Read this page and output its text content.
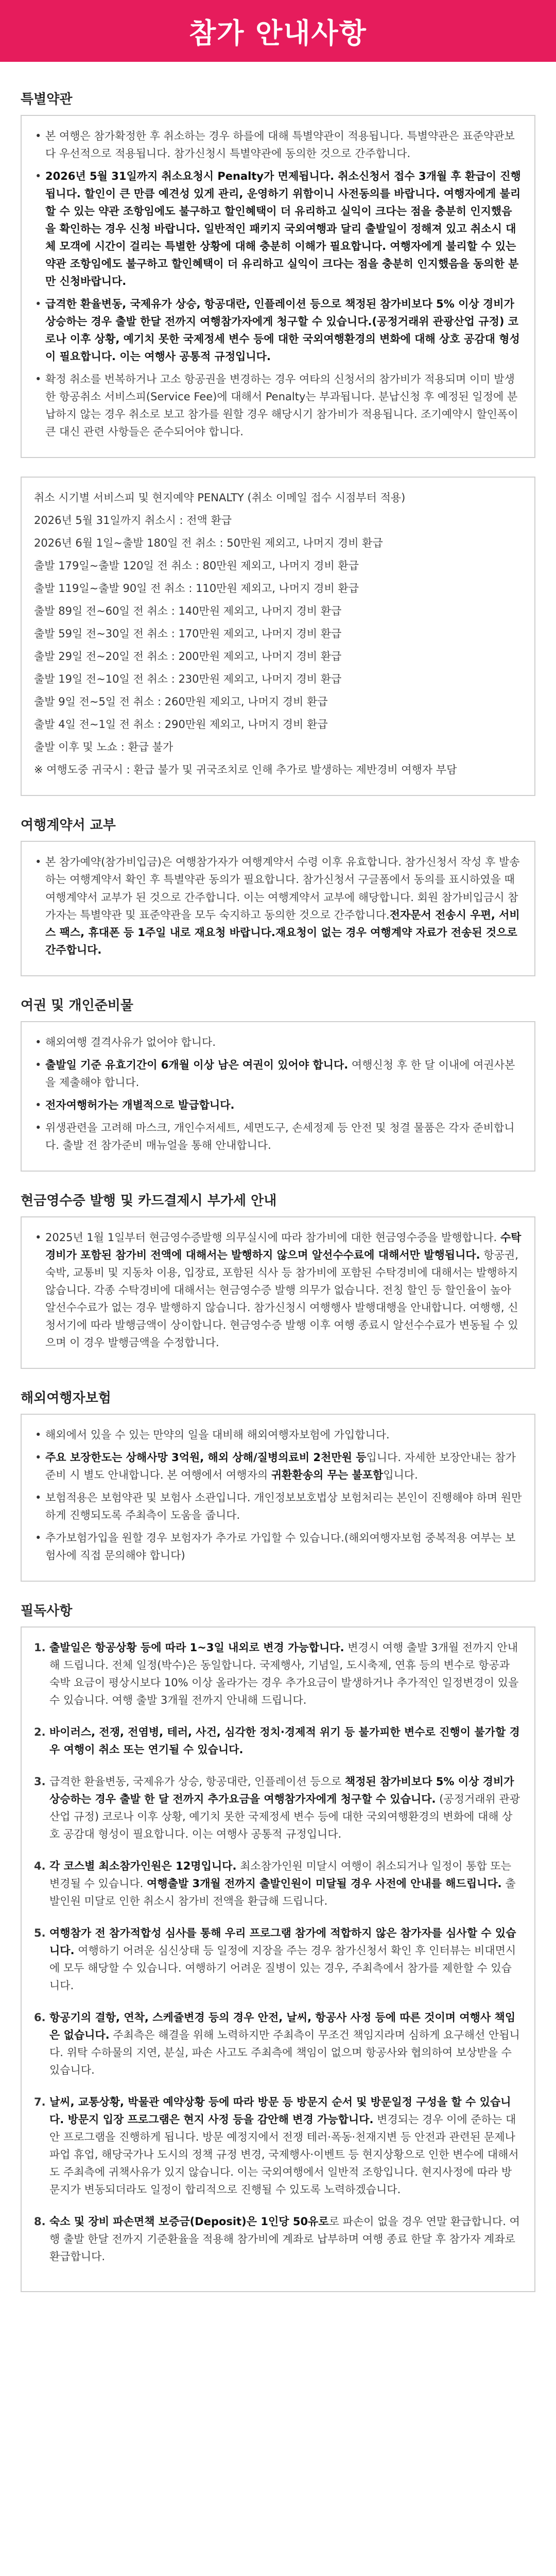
참가 안내사항
특별약관
• 본 여행은 참가확정한 후 취소하는 경우 하를에 대해 특별약관이 적용됩니다. 특별약관은 표준약관보다 우선적으로 적용됩니다. 참가신청시 특별약관에 동의한 것으로 간주합니다.
• 2026년 5월 31일까지 취소요청시 Penalty가 면제됩니다. 취소신청서 접수 3개월 후 환급이 진행됩니다. 할인이 큰 만큼 예견성 있게 관리, 운영하기 위함이니 사전동의를 바랍니다. 여행자에게 불리할 수 있는 약관 조항임에도 불구하고 할인혜택이 더 유리하고 실익이 크다는 점을 충분히 인지했음을 확인하는 경우 신청 바랍니다. 일반적인 패키지 국외여행과 달리 출발일이 정해져 있고 취소시 대체 모객에 시간이 걸리는 특별한 상황에 대해 충분히 이해가 필요합니다. 여행자에게 불리할 수 있는 약관 조항임에도 불구하고 할인혜택이 더 유리하고 실익이 크다는 점을 충분히 인지했음을 동의한 분만 신청바랍니다.
• 급격한 환율변동, 국제유가 상승, 항공대란, 인플레이션 등으로 책정된 참가비보다 5% 이상 경비가 상승하는 경우 출발 한달 전까지 여행참가자에게 청구할 수 있습니다.(공정거래위 관광산업 규정) 코로나 이후 상황, 예기치 못한 국제정세 변수 등에 대한 국외여행환경의 변화에 대해 상호 공감대 형성이 필요합니다. 이는 여행사 공통적 규정입니다.
• 확정 취소를 번복하거나 고소 항공권을 변경하는 경우 여타의 신청서의 참가비가 적용되며 이미 발생한 항공취소 서비스피(Service Fee)에 대해서 Penalty는 부과됩니다. 분납신청 후 예정된 일정에 분납하지 않는 경우 취소로 보고 참가를 원할 경우 해당시기 참가비가 적용됩니다. 조기예약시 할인폭이 큰 대신 관련 사항들은 준수되어야 합니다.

취소 시기별 서비스피 및 현지예약 PENALTY (취소 이메일 접수 시점부터 적용)

2026년 5월 31일까지 취소시 : 전액 환급

2026년 6월 1일~출발 180일 전 취소 : 50만원 제외고, 나머지 경비 환급

출발 179일~출발 120일 전 취소 : 80만원 제외고, 나머지 경비 환급

출발 119일~출발 90일 전 취소 : 110만원 제외고, 나머지 경비 환급

출발 89일 전~60일 전 취소 : 140만원 제외고, 나머지 경비 환급

출발 59일 전~30일 전 취소 : 170만원 제외고, 나머지 경비 환급

출발 29일 전~20일 전 취소 : 200만원 제외고, 나머지 경비 환급

출발 19일 전~10일 전 취소 : 230만원 제외고, 나머지 경비 환급

출발 9일 전~5일 전 취소 : 260만원 제외고, 나머지 경비 환급

출발 4일 전~1일 전 취소 : 290만원 제외고, 나머지 경비 환급

출발 이후 및 노쇼 : 환급 불가

※ 여행도중 귀국시 : 환급 불가 및 귀국조치로 인해 추가로 발생하는 제반경비 여행자 부담

여행계약서 교부
• 본 참가예약(참가비입금)은 여행참가자가 여행계약서 수령 이후 유효합니다. 참가신청서 작성 후 발송하는 여행계약서 확인 후 특별약관 동의가 필요합니다. 참가신청서 구글폼에서 동의를 표시하였을 때 여행계약서 교부가 된 것으로 간주합니다. 이는 여행계약서 교부에 해당합니다. 회원 참가비입금시 참가자는 특별약관 및 표준약관을 모두 숙지하고 동의한 것으로 간주합니다.전자문서 전송시 우편, 서비스 팩스, 휴대폰 등 1주일 내로 재요청 바랍니다.재요청이 없는 경우 여행계약 자료가 전송된 것으로 간주합니다.
여권 및 개인준비물
• 해외여행 결격사유가 없어야 합니다.
• 출발일 기준 유효기간이 6개월 이상 남은 여권이 있어야 합니다. 여행신청 후 한 달 이내에 여권사본을 제출해야 합니다.
• 전자여행허가는 개별적으로 발급합니다.
• 위생관련을 고려해 마스크, 개인수저세트, 세면도구, 손세정제 등 안전 및 청결 물품은 각자 준비합니다. 출발 전 참가준비 매뉴얼을 통해 안내합니다.
현금영수증 발행 및 카드결제시 부가세 안내
• 2025년 1월 1일부터 현금영수증발행 의무실시에 따라 참가비에 대한 현금영수증을 발행합니다. 수탁경비가 포함된 참가비 전액에 대해서는 발행하지 않으며 알선수수료에 대해서만 발행됩니다. 항공권, 숙박, 교통비 및 지동차 이용, 입장료, 포함된 식사 등 참가비에 포함된 수탁경비에 대해서는 발행하지 않습니다. 각종 수탁경비에 대해서는 현금영수증 발행 의무가 없습니다. 전칭 할인 등 할인율이 높아 알선수수료가 없는 경우 발행하지 않습니다. 참가신청시 여행행사 발행대행을 안내합니다. 여행행, 신청서기에 따라 발행금액이 상이합니다. 현금영수증 발행 이후 여행 종료시 알선수수료가 변동될 수 있으며 이 경우 발행금액을 수정합니다.
해외여행자보험
• 해외에서 있을 수 있는 만약의 일을 대비해 해외여행자보험에 가입합니다.
• 주요 보장한도는 상해사망 3억원, 해외 상해/질병의료비 2천만원 등입니다. 자세한 보장안내는 참가준비 시 별도 안내합니다. 본 여행에서 여행자의 귀환환송의 무는 불포함입니다.
• 보험적용은 보험약관 및 보험사 소관입니다. 개인정보보호법상 보험처리는 본인이 진행해야 하며 원만하게 진행되도록 주최측이 도움을 줍니다.
• 추가보험가입을 원할 경우 보험자가 추가로 가입할 수 있습니다.(해외여행자보험 중복적용 여부는 보험사에 직접 문의해야 합니다)
필독사항
1. 출발일은 항공상황 등에 따라 1~3일 내외로 변경 가능합니다. 변경시 여행 출발 3개월 전까지 안내해 드립니다. 전체 일정(박수)은 동일합니다. 국제행사, 기념일, 도시축제, 연휴 등의 변수로 항공과 숙박 요금이 평상시보다 10% 이상 올라가는 경우 추가요금이 발생하거나 추가적인 일정변경이 있을 수 있습니다. 여행 출발 3개월 전까지 안내해 드립니다.
2. 바이러스, 전쟁, 전염병, 테러, 사건, 심각한 정치·경제적 위기 등 불가피한 변수로 진행이 불가할 경우 여행이 취소 또는 연기될 수 있습니다.
3. 급격한 환율변동, 국제유가 상승, 항공대란, 인플레이션 등으로 책정된 참가비보다 5% 이상 경비가 상승하는 경우 출발 한 달 전까지 추가요금을 여행참가자에게 청구할 수 있습니다. (공정거래위 관광산업 규정) 코로나 이후 상황, 예기치 못한 국제정세 변수 등에 대한 국외여행환경의 변화에 대해 상호 공감대 형성이 필요합니다. 이는 여행사 공통적 규정입니다.
4. 각 코스별 최소참가인원은 12명입니다. 최소참가인원 미달시 여행이 취소되거나 일정이 통합 또는 변경될 수 있습니다. 여행출발 3개월 전까지 출발인원이 미달될 경우 사전에 안내를 해드립니다. 출발인원 미달로 인한 취소시 참가비 전액을 환급해 드립니다.
5. 여행참가 전 참가적합성 심사를 통해 우리 프로그램 참가에 적합하지 않은 참가자를 심사할 수 있습니다. 여행하기 어려운 심신상태 등 일정에 지장을 주는 경우 참가신청서 확인 후 인터뷰는 비대면시에 모두 해당할 수 있습니다. 여행하기 어려운 질병이 있는 경우, 주최측에서 참가를 제한할 수 있습니다.
6. 항공기의 결항, 연착, 스케쥴변경 등의 경우 안전, 날씨, 항공사 사정 등에 따른 것이며 여행사 책임은 없습니다. 주최측은 해결을 위해 노력하지만 주최측이 무조건 책임지라며 심하게 요구해선 안됩니다. 위탁 수하물의 지연, 분실, 파손 사고도 주최측에 책임이 없으며 항공사와 협의하여 보상받을 수 있습니다.
7. 날씨, 교통상황, 박물관 예약상황 등에 따라 방문 등 방문지 순서 및 방문일정 구성을 할 수 있습니다. 방문지 입장 프로그램은 현지 사정 등을 감안해 변경 가능합니다. 변경되는 경우 이에 준하는 대안 프로그램을 진행하게 됩니다. 방문 예정지에서 전쟁 테러·폭동·천재지변 등 안전과 관련된 문제나 파업 휴업, 해당국가나 도시의 정책 규정 변경, 국제행사·이벤트 등 현지상황으로 인한 변수에 대해서도 주최측에 귀책사유가 있지 않습니다. 이는 국외여행에서 일반적 조항입니다. 현지사정에 따라 방문지가 변동되더라도 일정이 합리적으로 진행될 수 있도록 노력하겠습니다.
8. 숙소 및 장비 파손면책 보증금(Deposit)은 1인당 50유로로 파손이 없을 경우 연말 환급합니다. 여행 출발 한달 전까지 기준환율을 적용해 참가비에 계좌로 납부하며 여행 종료 한달 후 참가자 계좌로 환급합니다.
